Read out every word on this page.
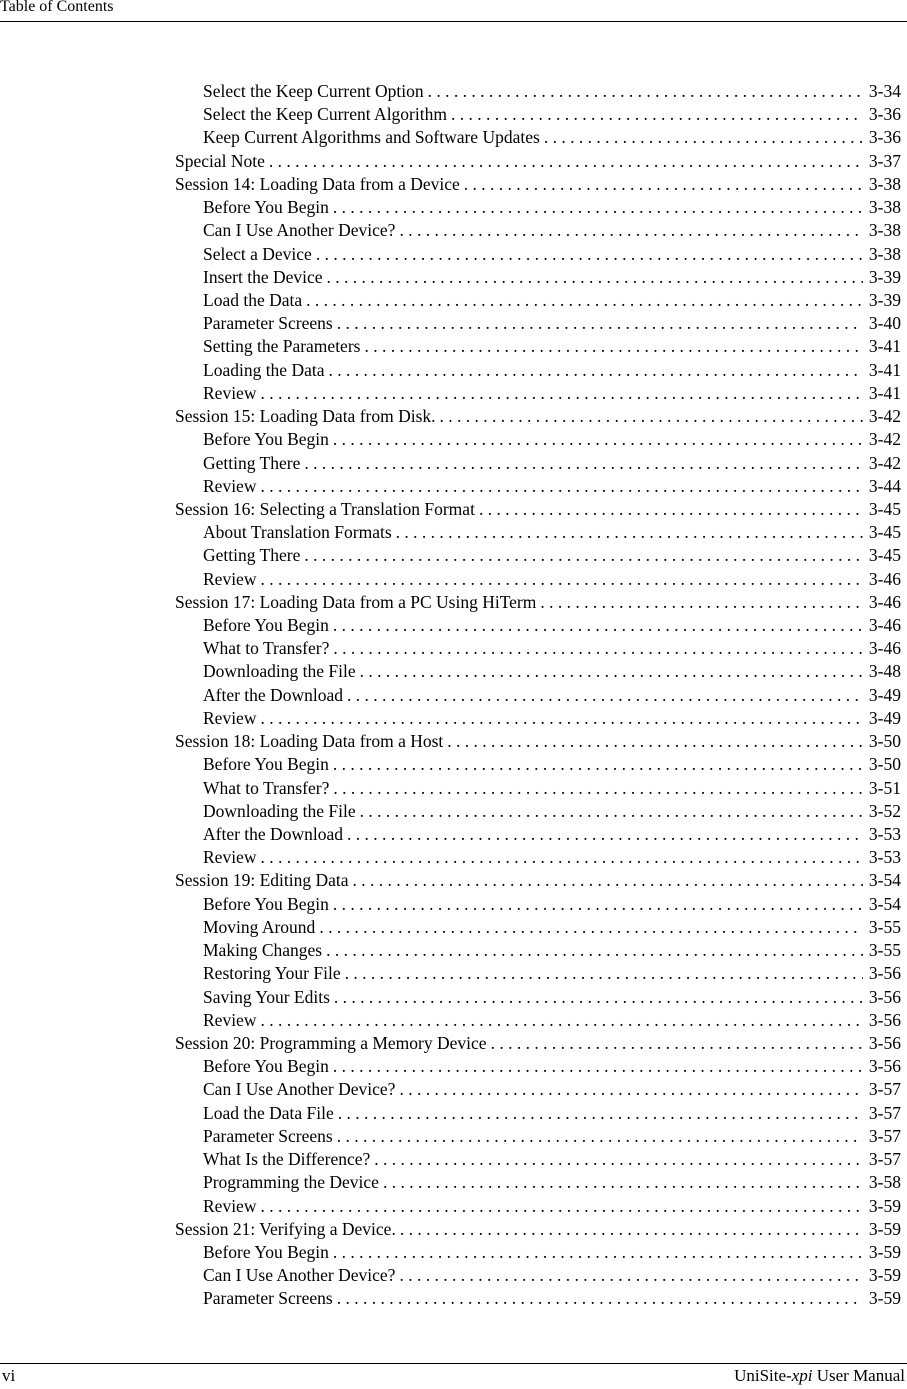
Table of Contents
Select the Keep Current Option . . .	3-34
Select the Keep Current Algorithm . . .	3-36
Keep Current Algorithms and Software Updates . . .	3-36
Special Note . . .	3-37
Session 14: Loading Data from a Device . . .	3-38
Before You Begin . . .	3-38
Can I Use Another Device? . . .	3-38
Select a Device . . .	3-38
Insert the Device . . .	3-39
Load the Data . . .	3-39
Parameter Screens . . .	3-40
Setting the Parameters . . .	3-41
Loading the Data . . .	3-41
Review . . .	3-41
Session 15: Loading Data from Disk. . . .	3-42
Before You Begin . . .	3-42
Getting There . . .	3-42
Review . . .	3-44
Session 16: Selecting a Translation Format . . .	3-45
About Translation Formats . . .	3-45
Getting There . . .	3-45
Review . . .	3-46
Session 17: Loading Data from a PC Using HiTerm . . .	3-46
Before You Begin . . .	3-46
What to Transfer? . . .	3-46
Downloading the File . . .	3-48
After the Download . . .	3-49
Review . . .	3-49
Session 18: Loading Data from a Host . . .	3-50
Before You Begin . . .	3-50
What to Transfer? . . .	3-51
Downloading the File . . .	3-52
After the Download . . .	3-53
Review . . .	3-53
Session 19: Editing Data . . .	3-54
Before You Begin . . .	3-54
Moving Around . . .	3-55
Making Changes . . .	3-55
Restoring Your File . . .	3-56
Saving Your Edits . . .	3-56
Review . . .	3-56
Session 20: Programming a Memory Device . . .	3-56
Before You Begin . . .	3-56
Can I Use Another Device? . . .	3-57
Load the Data File . . .	3-57
Parameter Screens . . .	3-57
What Is the Difference? . . .	3-57
Programming the Device . . .	3-58
Review . . .	3-59
Session 21: Verifying a Device. . . .	3-59
Before You Begin . . .	3-59
Can I Use Another Device? . . .	3-59
Parameter Screens . . .	3-59
vi	UniSite-xpi User Manual
